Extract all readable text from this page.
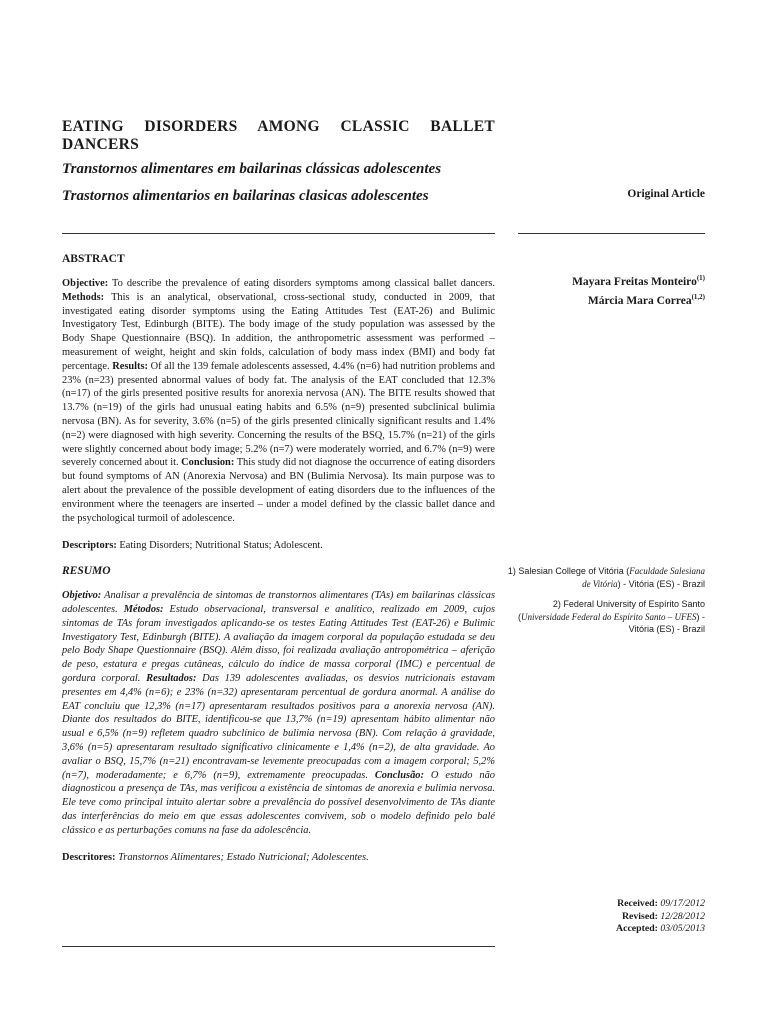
EATING DISORDERS AMONG CLASSIC BALLET DANCERS

Transtornos alimentares em bailarinas clássicas adolescentes

Trastornos alimentarios en bailarinas clasicas adolescentes

ABSTRACT

Objective: To describe the prevalence of eating disorders symptoms among classical ballet dancers. Methods: This is an analytical, observational, cross-sectional study, conducted in 2009, that investigated eating disorder symptoms using the Eating Attitudes Test (EAT-26) and Bulimic Investigatory Test, Edinburgh (BITE). The body image of the study population was assessed by the Body Shape Questionnaire (BSQ). In addition, the anthropometric assessment was performed – measurement of weight, height and skin folds, calculation of body mass index (BMI) and body fat percentage. Results: Of all the 139 female adolescents assessed, 4.4% (n=6) had nutrition problems and 23% (n=23) presented abnormal values of body fat. The analysis of the EAT concluded that 12.3% (n=17) of the girls presented positive results for anorexia nervosa (AN). The BITE results showed that 13.7% (n=19) of the girls had unusual eating habits and 6.5% (n=9) presented subclinical bulimia nervosa (BN). As for severity, 3.6% (n=5) of the girls presented clinically significant results and 1.4% (n=2) were diagnosed with high severity. Concerning the results of the BSQ, 15.7% (n=21) of the girls were slightly concerned about body image; 5.2% (n=7) were moderately worried, and 6.7% (n=9) were severely concerned about it. Conclusion: This study did not diagnose the occurrence of eating disorders but found symptoms of AN (Anorexia Nervosa) and BN (Bulimia Nervosa). Its main purpose was to alert about the prevalence of the possible development of eating disorders due to the influences of the environment where the teenagers are inserted – under a model defined by the classic ballet dance and the psychological turmoil of adolescence.

Descriptors: Eating Disorders; Nutritional Status; Adolescent.

RESUMO

Objetivo: Analisar a prevalência de sintomas de transtornos alimentares (TAs) em bailarinas clássicas adolescentes. Métodos: Estudo observacional, transversal e analítico, realizado em 2009, cujos sintomas de TAs foram investigados aplicando-se os testes Eating Attitudes Test (EAT-26) e Bulimic Investigatory Test, Edinburgh (BITE). A avaliação da imagem corporal da população estudada se deu pelo Body Shape Questionnaire (BSQ). Além disso, foi realizada avaliação antropométrica – aferição de peso, estatura e pregas cutâneas, cálculo do índice de massa corporal (IMC) e percentual de gordura corporal. Resultados: Das 139 adolescentes avaliadas, os desvios nutricionais estavam presentes em 4,4% (n=6); e 23% (n=32) apresentaram percentual de gordura anormal. A análise do EAT concluiu que 12,3% (n=17) apresentaram resultados positivos para a anorexia nervosa (AN). Diante dos resultados do BITE, identificou-se que 13,7% (n=19) apresentam hábito alimentar não usual e 6,5% (n=9) refletem quadro subclínico de bulimia nervosa (BN). Com relação à gravidade, 3,6% (n=5) apresentaram resultado significativo clinicamente e 1,4% (n=2), de alta gravidade. Ao avaliar o BSQ, 15,7% (n=21) encontravam-se levemente preocupadas com a imagem corporal; 5,2% (n=7), moderadamente; e 6,7% (n=9), extremamente preocupadas. Conclusão: O estudo não diagnosticou a presença de TAs, mas verificou a existência de sintomas de anorexia e bulimia nervosa. Ele teve como principal intuito alertar sobre a prevalência do possível desenvolvimento de TAs diante das interferências do meio em que essas adolescentes convivem, sob o modelo definido pelo balé clássico e as perturbações comuns na fase da adolescência.

Descritores: Transtornos Alimentares; Estado Nutricional; Adolescentes.

Original Article
Mayara Freitas Monteiro$^{(1)}$
Márcia Mara Correa$^{(1,2)}$
1) Salesian College of Vitória (Faculdade Salesiana de Vitória) - Vitória (ES) - Brazil
2) Federal University of Espírito Santo (Universidade Federal do Espírito Santo – UFES) - Vitória (ES) - Brazil
Received: 09/17/2012
Revised: 12/28/2012
Accepted: 03/05/2013
